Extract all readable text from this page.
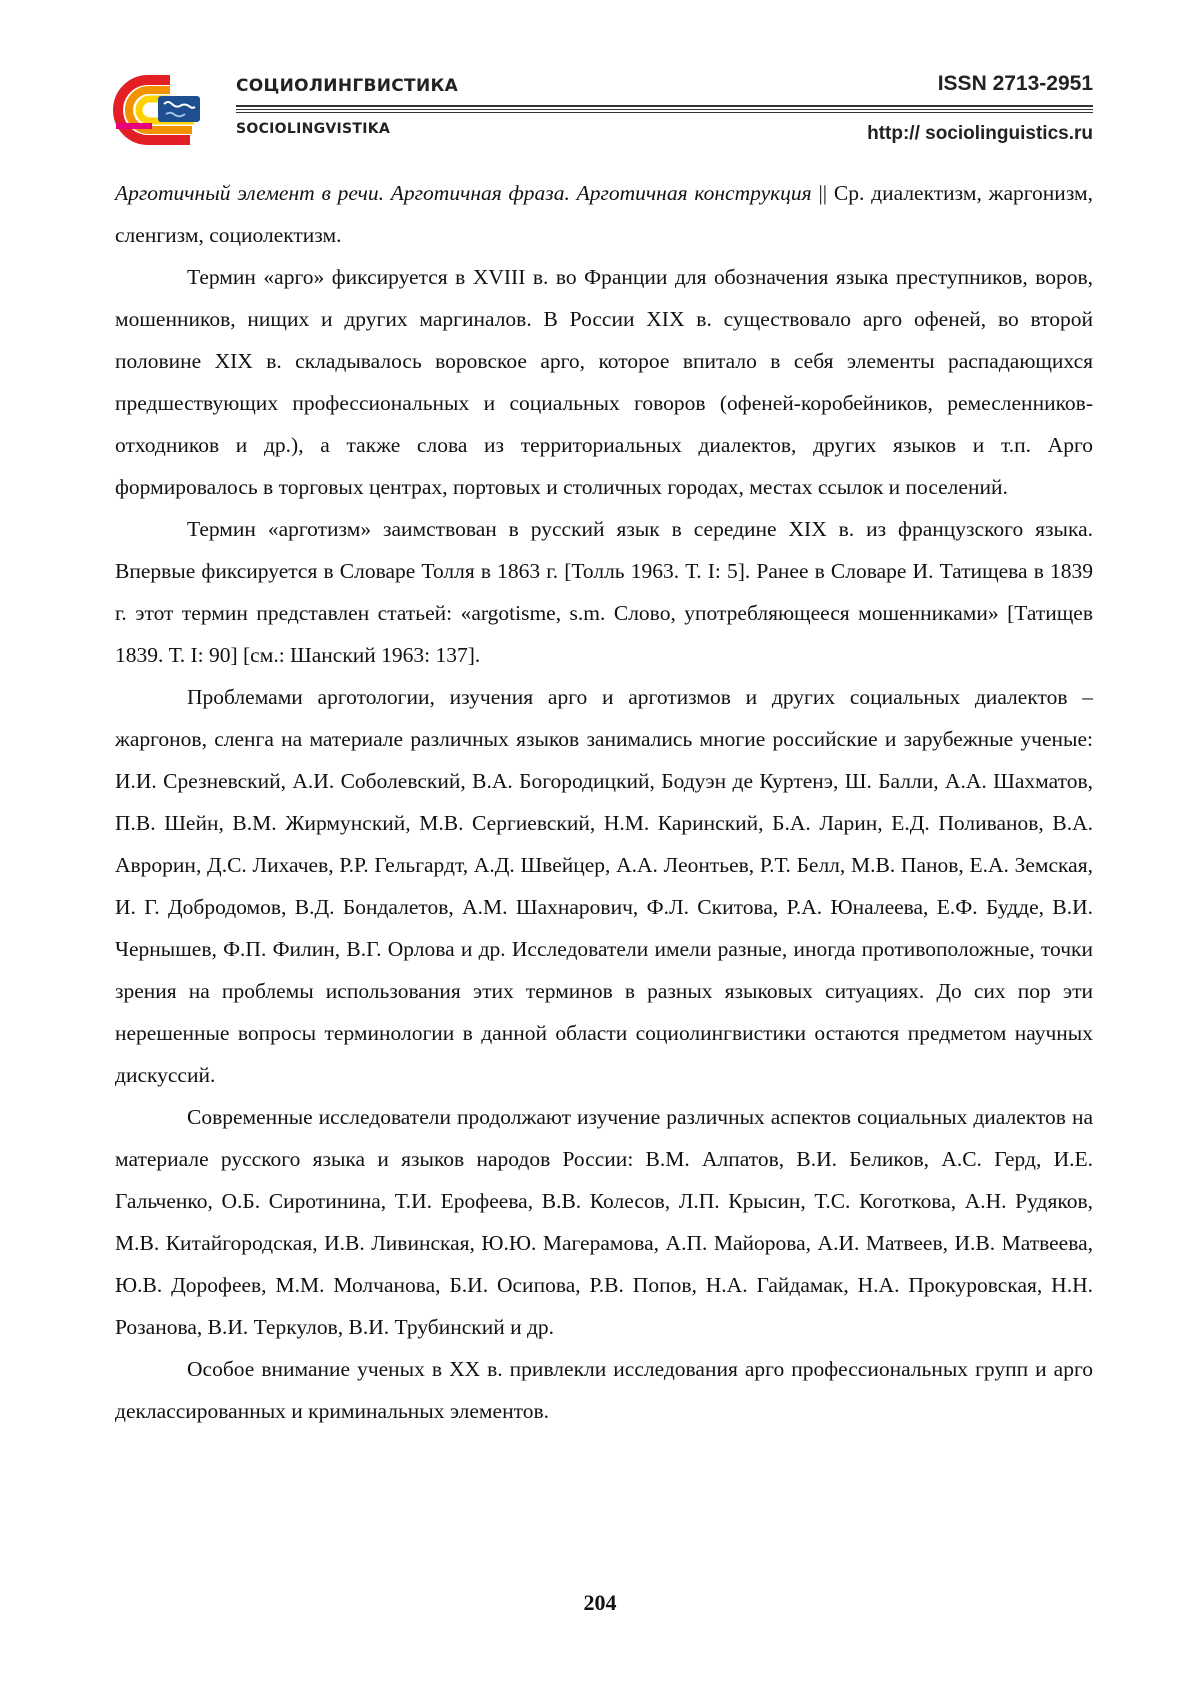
СОЦИОЛИНГВИСТИКА
SOCIOLINGVISTIKA
ISSN 2713-2951
http:// sociolinguistics.ru

Арготичный элемент в речи. Арготичная фраза. Арготичная конструкция || Ср. диалектизм, жаргонизм, сленгизм, социолектизм.

Термин «арго» фиксируется в XVIII в. во Франции для обозначения языка преступников, воров, мошенников, нищих и других маргиналов. В России XIX в. существовало арго офеней, во второй половине XIX в. складывалось воровское арго, которое впитало в себя элементы распадающихся предшествующих профессиональных и социальных говоров (офеней-коробейников, ремесленников-отходников и др.), а также слова из территориальных диалектов, других языков и т.п. Арго формировалось в торговых центрах, портовых и столичных городах, местах ссылок и поселений.

Термин «арготизм» заимствован в русский язык в середине XIX в. из французского языка. Впервые фиксируется в Словаре Толля в 1863 г. [Толль 1963. Т. I: 5]. Ранее в Словаре И. Татищева в 1839 г. этот термин представлен статьей: «argotisme, s.m. Слово, употребляющееся мошенниками» [Татищев 1839. Т. I: 90] [см.: Шанский 1963: 137].

Проблемами арготологии, изучения арго и арготизмов и других социальных диалектов – жаргонов, сленга на материале различных языков занимались многие российские и зарубежные ученые: И.И. Срезневский, А.И. Соболевский, В.А. Богородицкий, Бодуэн де Куртенэ, Ш. Балли, А.А. Шахматов, П.В. Шейн, В.М. Жирмунский, М.В. Сергиевский, Н.М. Каринский, Б.А. Ларин, Е.Д. Поливанов, В.А. Аврорин, Д.С. Лихачев, Р.Р. Гельгардт, А.Д. Швейцер, А.А. Леонтьев, Р.Т. Белл, М.В. Панов, Е.А. Земская, И. Г. Добродомов, В.Д. Бондалетов, А.М. Шахнарович, Ф.Л. Скитова, Р.А. Юналеева, Е.Ф. Будде, В.И. Чернышев, Ф.П. Филин, В.Г. Орлова и др. Исследователи имели разные, иногда противоположные, точки зрения на проблемы использования этих терминов в разных языковых ситуациях. До сих пор эти нерешенные вопросы терминологии в данной области социолингвистики остаются предметом научных дискуссий.

Современные исследователи продолжают изучение различных аспектов социальных диалектов на материале русского языка и языков народов России: В.М. Алпатов, В.И. Беликов, А.С. Герд, И.Е. Гальченко, О.Б. Сиротинина, Т.И. Ерофеева, В.В. Колесов, Л.П. Крысин, Т.С. Коготкова, А.Н. Рудяков, М.В. Китайгородская, И.В. Ливинская, Ю.Ю. Магерамова, А.П. Майорова, А.И. Матвеев, И.В. Матвеева, Ю.В. Дорофеев, М.М. Молчанова, Б.И. Осипова, Р.В. Попов, Н.А. Гайдамак, Н.А. Прокуровская, Н.Н. Розанова, В.И. Теркулов, В.И. Трубинский и др.

Особое внимание ученых в XX в. привлекли исследования арго профессиональных групп и арго деклассированных и криминальных элементов.

204
